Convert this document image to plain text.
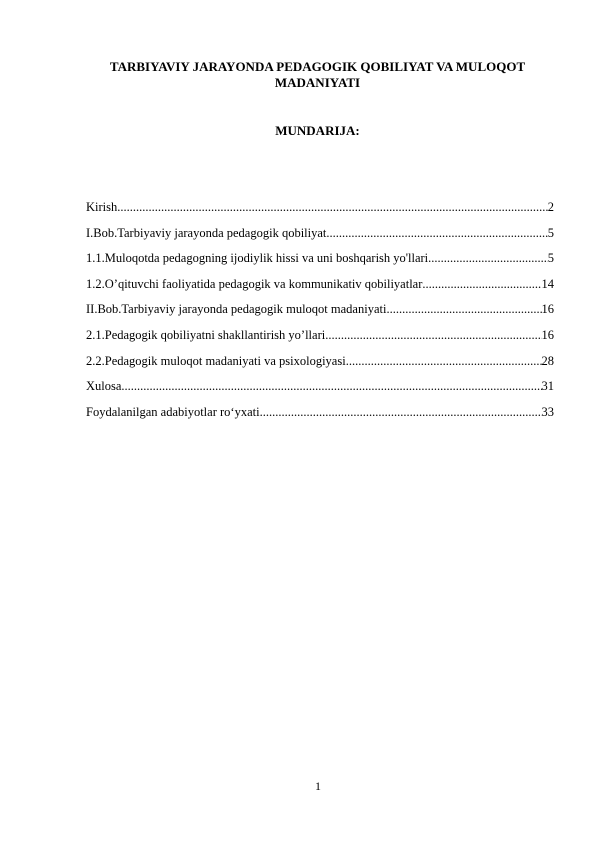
TARBIYAVIY JARAYONDA PEDAGOGIK QOBILIYAT VA MULOQOT MADANIYATI
MUNDARIJA:
Kirish .....	2
I.Bob.Tarbiyaviy jarayonda pedagogik qobiliyat .....	5
1.1.Muloqotda pedagogning ijodiylik hissi va uni boshqarish yo'llari .....	5
1.2.O’qituvchi faoliyatida pedagogik va kommunikativ qobiliyatlar .....	14
II.Bob.Tarbiyaviy jarayonda pedagogik muloqot madaniyati .....	16
2.1.Pedagogik qobiliyatni shakllantirish yo’llari .....	16
2.2.Pedagogik muloqot madaniyati va psixologiyasi .....	28
Xulosa .....	31
Foydalanilgan adabiyotlar ro‘yxati .....	33
1
